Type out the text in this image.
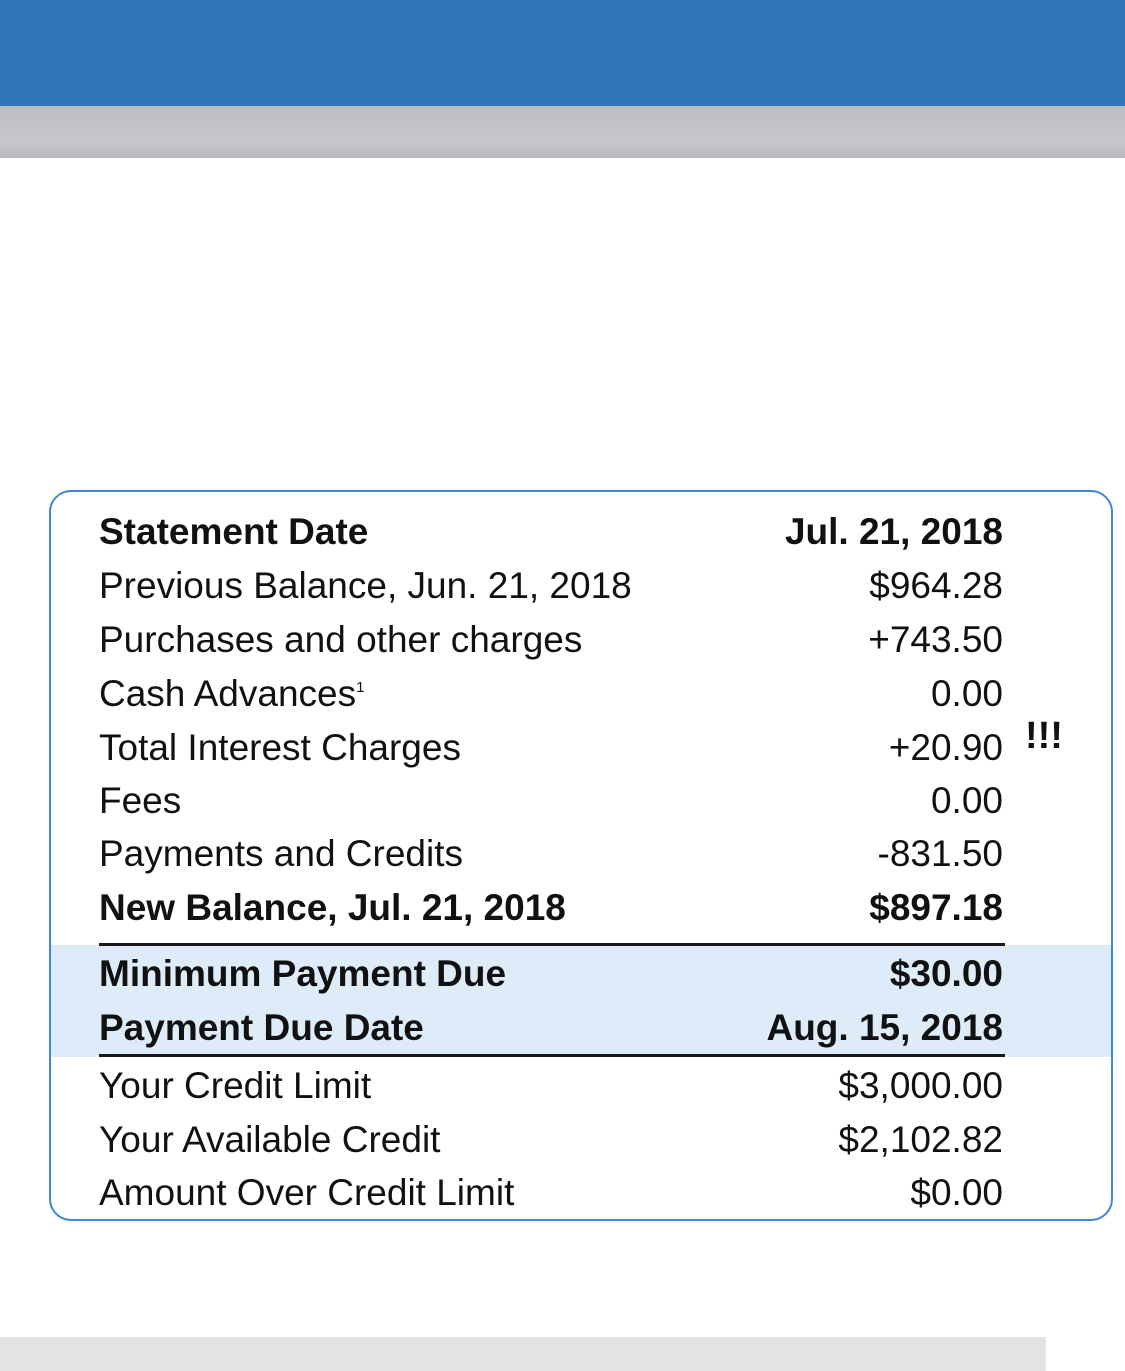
Statement Date	Jul. 21, 2018
Previous Balance, Jun. 21, 2018	$964.28
Purchases and other charges	+743.50
Cash Advances$^1$	0.00
Total Interest Charges	+20.90
Fees	0.00
Payments and Credits	-831.50
New Balance, Jul. 21, 2018	$897.18
Minimum Payment Due	$30.00
Payment Due Date	Aug. 15, 2018
Your Credit Limit	$3,000.00
Your Available Credit	$2,102.82
Amount Over Credit Limit	$0.00
!!!
